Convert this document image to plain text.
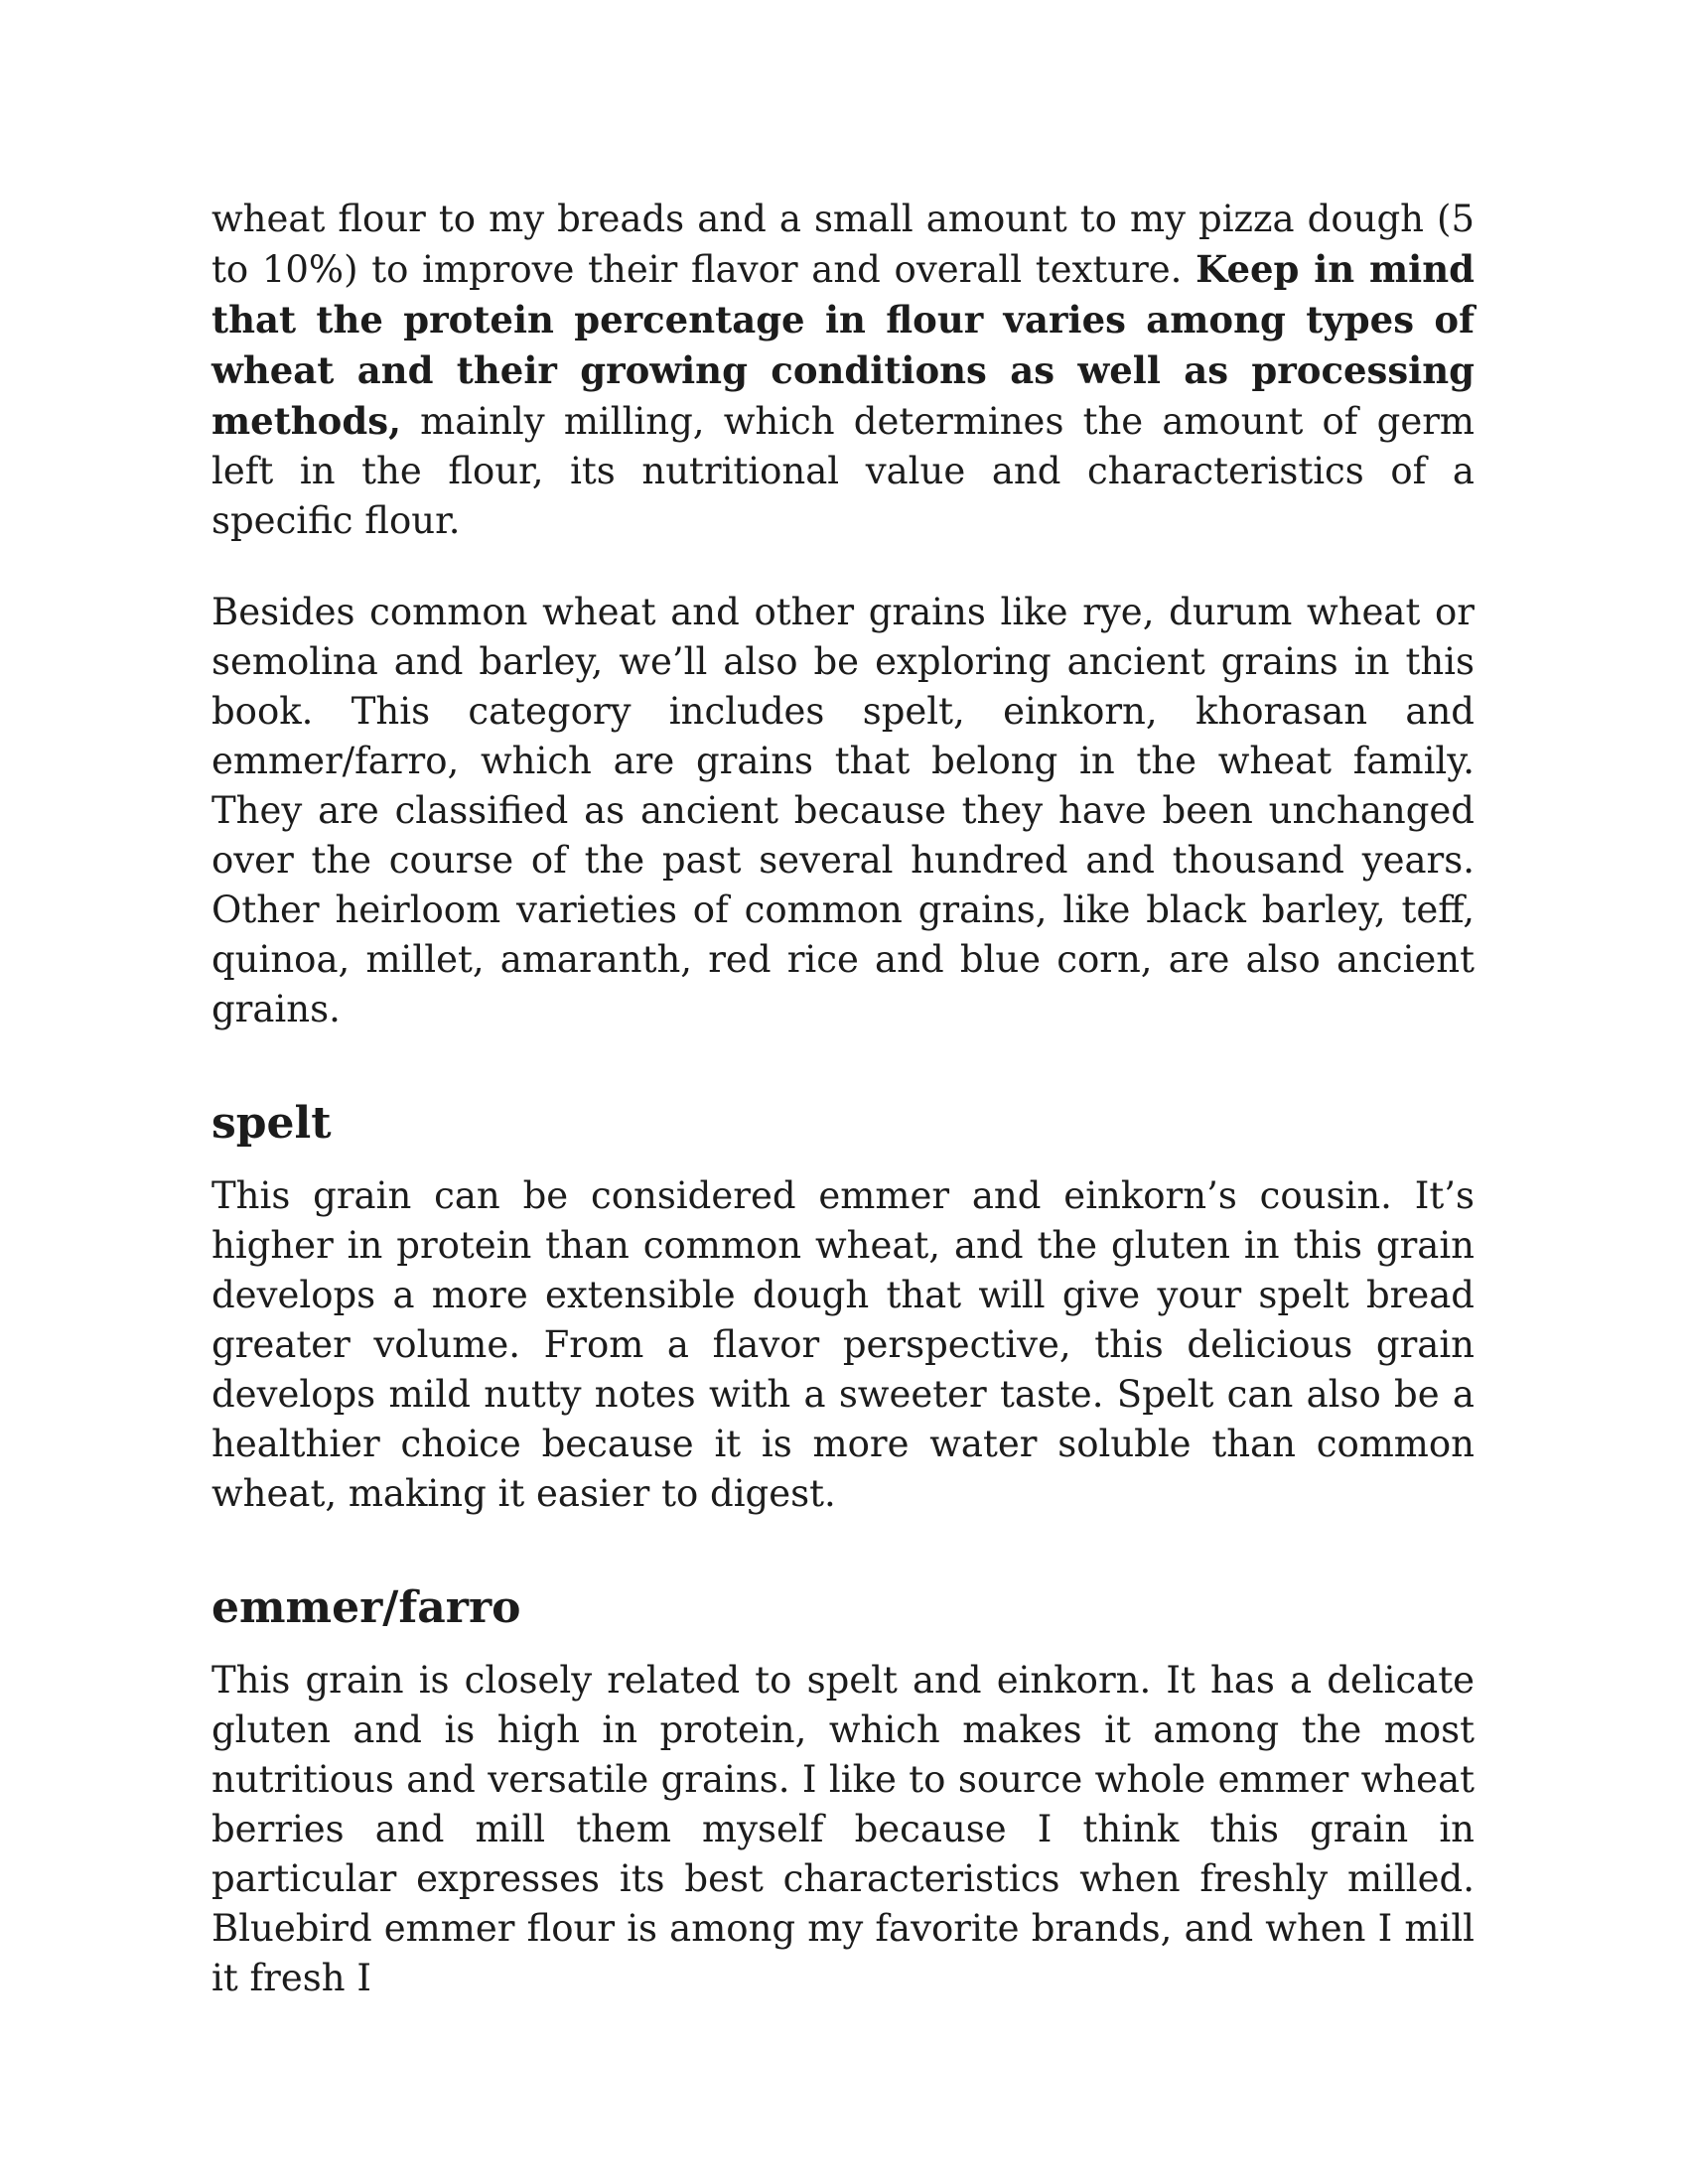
wheat flour to my breads and a small amount to my pizza dough (5 to 10%) to improve their flavor and overall texture. Keep in mind that the protein percentage in flour varies among types of wheat and their growing conditions as well as processing methods, mainly milling, which determines the amount of germ left in the flour, its nutritional value and characteristics of a specific flour.

Besides common wheat and other grains like rye, durum wheat or semolina and barley, we’ll also be exploring ancient grains in this book. This category includes spelt, einkorn, khorasan and emmer/farro, which are grains that belong in the wheat family. They are classified as ancient because they have been unchanged over the course of the past several hundred and thousand years. Other heirloom varieties of common grains, like black barley, teff, quinoa, millet, amaranth, red rice and blue corn, are also ancient grains.

spelt

This grain can be considered emmer and einkorn’s cousin. It’s higher in protein than common wheat, and the gluten in this grain develops a more extensible dough that will give your spelt bread greater volume. From a flavor perspective, this delicious grain develops mild nutty notes with a sweeter taste. Spelt can also be a healthier choice because it is more water soluble than common wheat, making it easier to digest.

emmer/farro

This grain is closely related to spelt and einkorn. It has a delicate gluten and is high in protein, which makes it among the most nutritious and versatile grains. I like to source whole emmer wheat berries and mill them myself because I think this grain in particular expresses its best characteristics when freshly milled. Bluebird emmer flour is among my favorite brands, and when I mill it fresh I
